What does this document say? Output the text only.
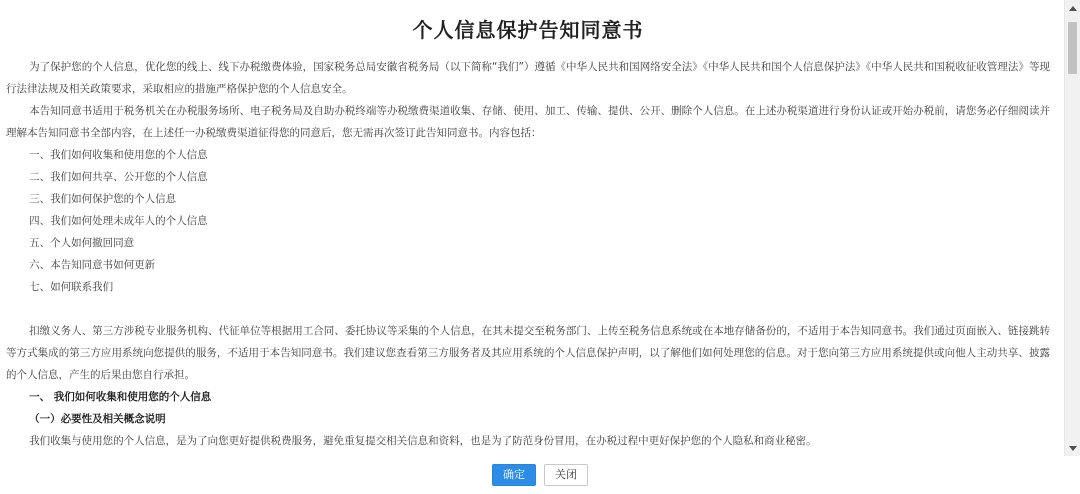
个人信息保护告知同意书

为了保护您的个人信息，优化您的线上、线下办税缴费体验，国家税务总局安徽省税务局（以下简称“我们”）遵循《中华人民共和国网络安全法》《中华人民共和国个人信息保护法》《中华人民共和国税收征收管理法》等现行法律法规及相关政策要求，采取相应的措施严格保护您的个人信息安全。

本告知同意书适用于税务机关在办税服务场所、电子税务局及自助办税终端等办税缴费渠道收集、存储、使用、加工、传输、提供、公开、删除个人信息。在上述办税渠道进行身份认证或开始办税前，请您务必仔细阅读并理解本告知同意书全部内容，在上述任一办税缴费渠道征得您的同意后，您无需再次签订此告知同意书。内容包括：

一、我们如何收集和使用您的个人信息

二、我们如何共享、公开您的个人信息

三、我们如何保护您的个人信息

四、我们如何处理未成年人的个人信息

五、个人如何撤回同意

六、本告知同意书如何更新

七、如何联系我们

扣缴义务人、第三方涉税专业服务机构、代征单位等根据用工合同、委托协议等采集的个人信息，在其未提交至税务部门、上传至税务信息系统或在本地存储备份的，不适用于本告知同意书。我们通过页面嵌入、链接跳转等方式集成的第三方应用系统向您提供的服务，不适用于本告知同意书。我们建议您查看第三方服务者及其应用系统的个人信息保护声明，以了解他们如何处理您的信息。对于您向第三方应用系统提供或向他人主动共享、披露的个人信息，产生的后果由您自行承担。

一、 我们如何收集和使用您的个人信息

（一）必要性及相关概念说明

我们收集与使用您的个人信息，是为了向您更好提供税费服务，避免重复提交相关信息和资料，也是为了防范身份冒用，在办税过程中更好保护您的个人隐私和商业秘密。

确定	关闭
